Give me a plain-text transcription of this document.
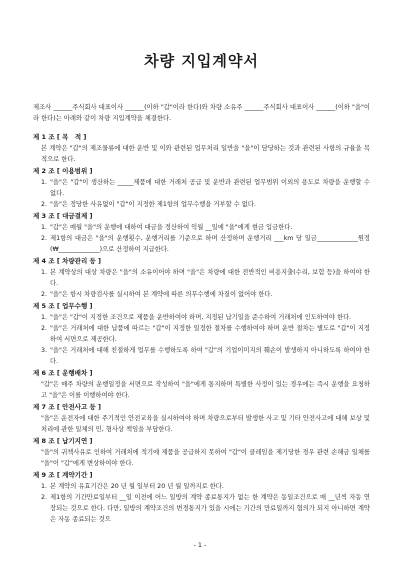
차량 지입계약서
제조사 ______주식회사 대표이사 ______(이하 "갑"이라 한다)와 차량 소유주 ______주식회사 대표이사 ______(이하 "을"이라 한다)는 아래와 같이 차량 지입계약을 체결한다.
제 1 조 [ 목　적 ]
본 계약은 "갑"의 제조물류에 대한 운반 및 이와 관련된 업무처리 일반을 "을"이 담당하는 것과 관련된 사항의 규율을 목적으로 한다.
제 2 조 [ 이용범위 ]
1. "을"은 "갑"이 생산하는 _____제품에 대한 거래처 공급 및 운반과 관련된 업무범위 이외의 용도로 차량을 운행할 수 없다.
2. "을"은 정당한 사유없이 "갑"이 지정한 제1항의 업무수행을 거부할 수 없다.
제 3 조 [ 대금결제 ]
1. "갑"은 매월 "을"의 운행에 대하여 대금을 정산하여 익월 __일에 "을"에게 현금 입금한다.
2. 제1항의 대금은 "을"의 운행횟수, 운행거리를 기준으로 하며 산정하며 운행거리 ___km 당 일금_____________원정 (₩_____________)으로 산정하여 지급한다.
제 4 조 [ 차량관리 등 ]
1. 본 계약상의 대상 차량은 "을"의 소유이어야 하며 "을"은 차량에 대한 전반적인 비용지출(수리, 보험 등)을 하여야 한다.
2. "을"은 항시 차량검사를 실시하여 본 계약에 따른 의무수행에 차질이 없어야 한다.
제 5 조 [ 업무수행 ]
1. "을"은 "갑"이 지정한 조건으로 제품을 운반하여야 하며, 지정된 납기일을 준수하여 거래처에 인도하여야 한다.
2. "을"은 거래처에 대한 납품에 따르는 "갑"이 지정한 일정한 절차를 수행하여야 하며 운반 절차는 별도로 "갑"이 지정하여 서면으로 제공한다.
3. "을"은 거래처에 대해 친절하게 업무를 수행하도록 하여 "갑"의 기업이미지의 훼손이 발생하지 아니하도록 하여야 한다.
제 6 조 [ 운행배차 ]
"갑"은 매주 차량의 운행일정을 서면으로 작성하여 "을"에게 통지하며 특별한 사정이 있는 경우에는 즉시 운행을 요청하고 "을"은 이를 이행하여야 한다.
제 7 조 [ 안전사고 등 ]
"을"은 운전자에 대한 주기적인 안전교육을 실시하여야 하며 차량으로부터 발생한 사고 및 기타 안전사고에 대해 보상 및 처리에 관한 일체의 민, 형사상 책임을 부담한다.
제 8 조 [ 납기지연 ]
"을"의 귀책사유로 인하여 거래처에 적기에 제품을 공급하지 못하여 "갑"이 클레임을 제기당한 경우 관련 손해금 일체를 "을"이 "갑"에게 변상하여야 한다.
제 9 조 [ 계약기간 ]
1. 본 계약의 유효기간은 20 년 월 일부터 20 년 월 일까지로 한다.
2. 제1항의 기간만료일부터 __일 이전에 어느 일방의 계약 종료통지가 없는 한 계약은 동일조건으로 매 __년씩 자동 연장되는 것으로 한다. 다만, 일방의 계약조건의 변경통지가 있을 시에는 기간의 만료일까지 협의가 되지 아니하면 계약은 자동 종료되는 것으
- 1 -
